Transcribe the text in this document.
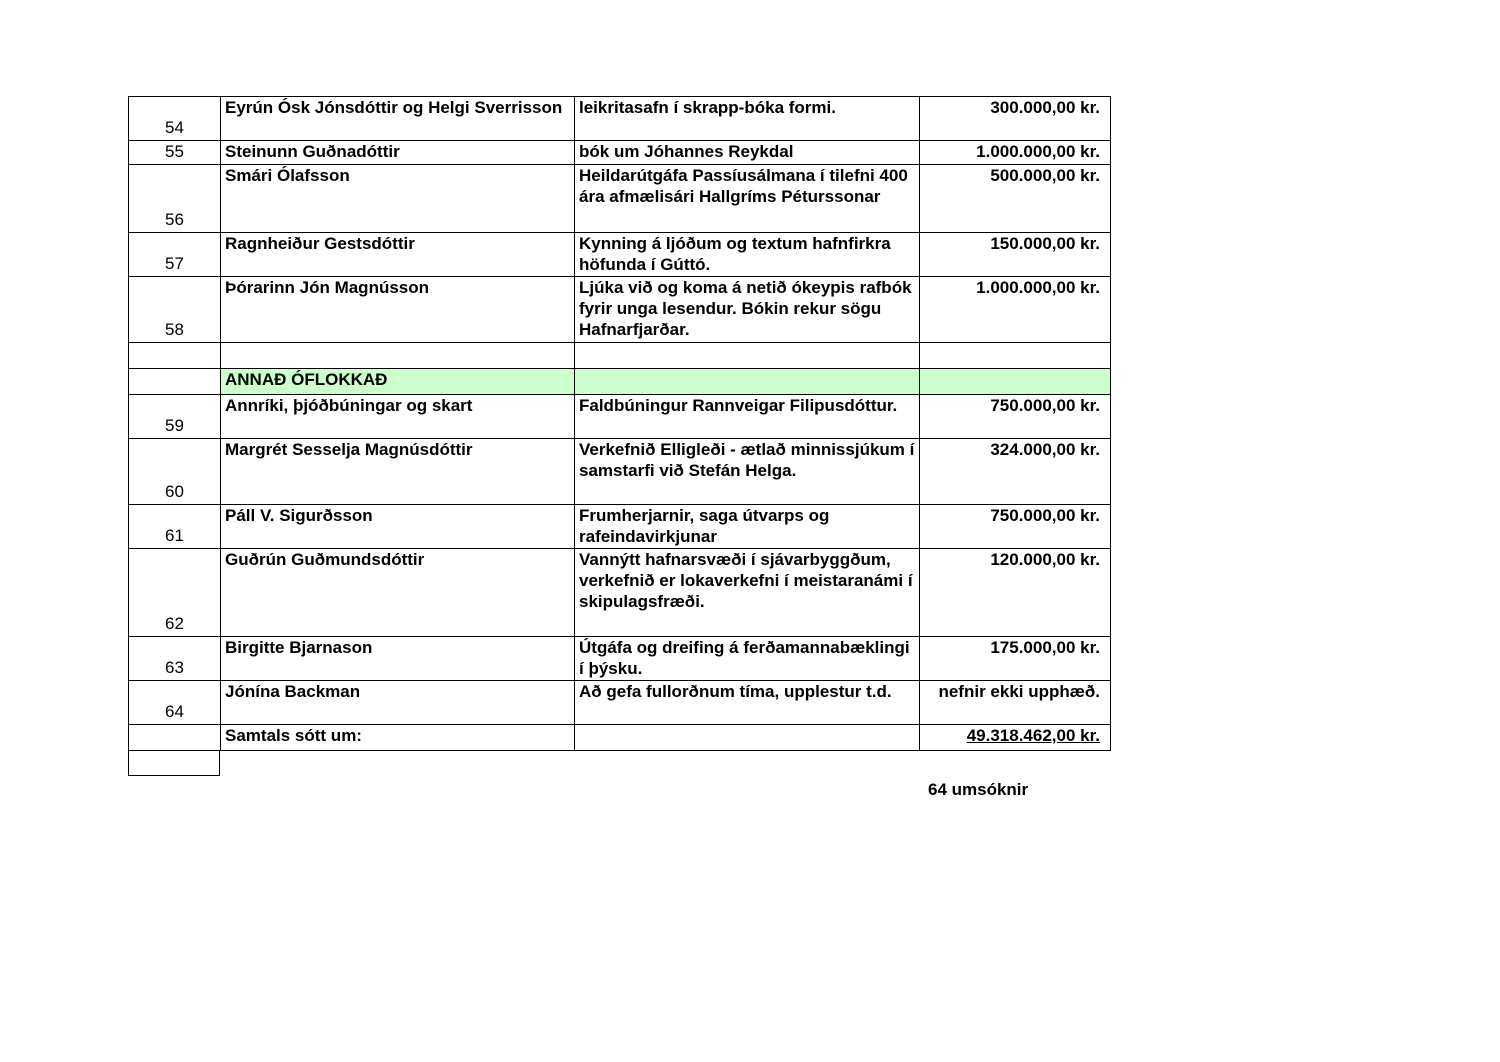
54	Eyrún Ósk Jónsdóttir og Helgi Sverrisson	leikritasafn í skrapp-bóka formi.	300.000,00 kr.
55	Steinunn Guðnadóttir	bók um Jóhannes Reykdal	1.000.000,00 kr.
56	Smári Ólafsson	Heildarútgáfa Passíusálmana í tilefni 400 ára afmælisári Hallgríms Péturssonar	500.000,00 kr.
57	Ragnheiður Gestsdóttir	Kynning á ljóðum og textum hafnfirkra höfunda í Gúttó.	150.000,00 kr.
58	Þórarinn Jón Magnússon	Ljúka við og koma á netið ókeypis rafbók fyrir unga lesendur. Bókin rekur sögu Hafnarfjarðar.	1.000.000,00 kr.

	ANNAÐ ÓFLOKKAÐ		
59	Annríki, þjóðbúningar og skart	Faldbúningur Rannveigar Filipusdóttur.	750.000,00 kr.
60	Margrét Sesselja Magnúsdóttir	Verkefnið Elligleði - ætlað minnissjúkum í samstarfi við Stefán Helga.	324.000,00 kr.
61	Páll V. Sigurðsson	Frumherjarnir, saga útvarps og rafeindavirkjunar	750.000,00 kr.
62	Guðrún Guðmundsdóttir	Vannýtt hafnarsvæði í sjávarbyggðum, verkefnið er lokaverkefni í meistaranámi í skipulagsfræði.	120.000,00 kr.
63	Birgitte Bjarnason	Útgáfa og dreifing á ferðamannabæklingi í þýsku.	175.000,00 kr.
64	Jónína Backman	Að gefa fullorðnum tíma, upplestur t.d.	nefnir ekki upphæð.
	Samtals sótt um:		49.318.462,00 kr.
64 umsóknir
